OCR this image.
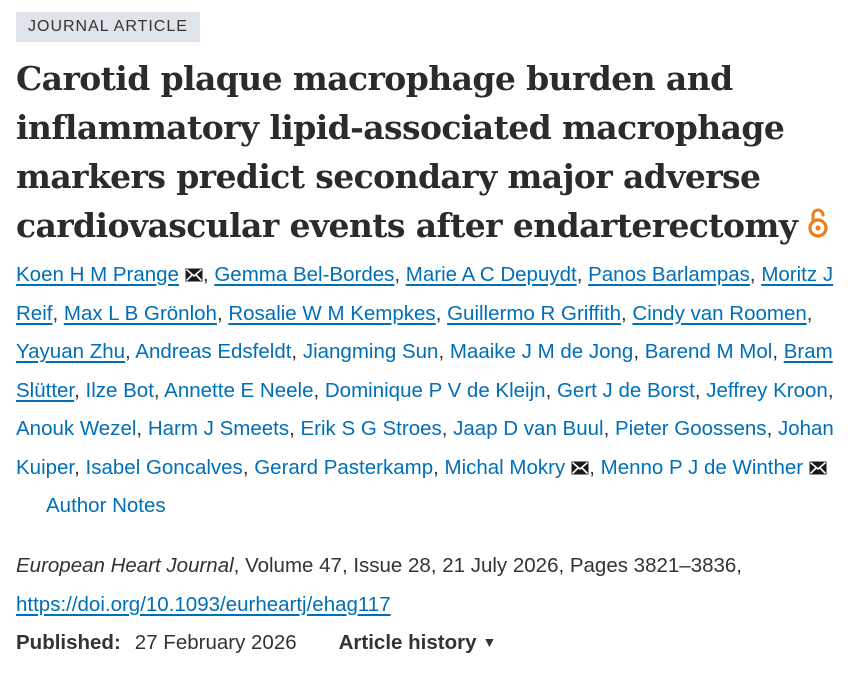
JOURNAL ARTICLE
Carotid plaque macrophage burden and inflammatory lipid-associated macrophage markers predict secondary major adverse cardiovascular events after endarterectomy
Koen H M Prange , Gemma Bel-Bordes, Marie A C Depuydt, Panos Barlampas, Moritz J Reif, Max L B Grönloh, Rosalie W M Kempkes, Guillermo R Griffith, Cindy van Roomen, Yayuan Zhu, Andreas Edsfeldt, Jiangming Sun, Maaike J M de Jong, Barend M Mol, Bram Slütter, Ilze Bot, Annette E Neele, Dominique P V de Kleijn, Gert J de Borst, Jeffrey Kroon, Anouk Wezel, Harm J Smeets, Erik S G Stroes, Jaap D van Buul, Pieter Goossens, Johan Kuiper, Isabel Goncalves, Gerard Pasterkamp, Michal Mokry , Menno P J de Winther
Author Notes
European Heart Journal, Volume 47, Issue 28, 21 July 2026, Pages 3821–3836,
https://doi.org/10.1093/eurheartj/ehag117
Published: 27 February 2026 Article history ▼
